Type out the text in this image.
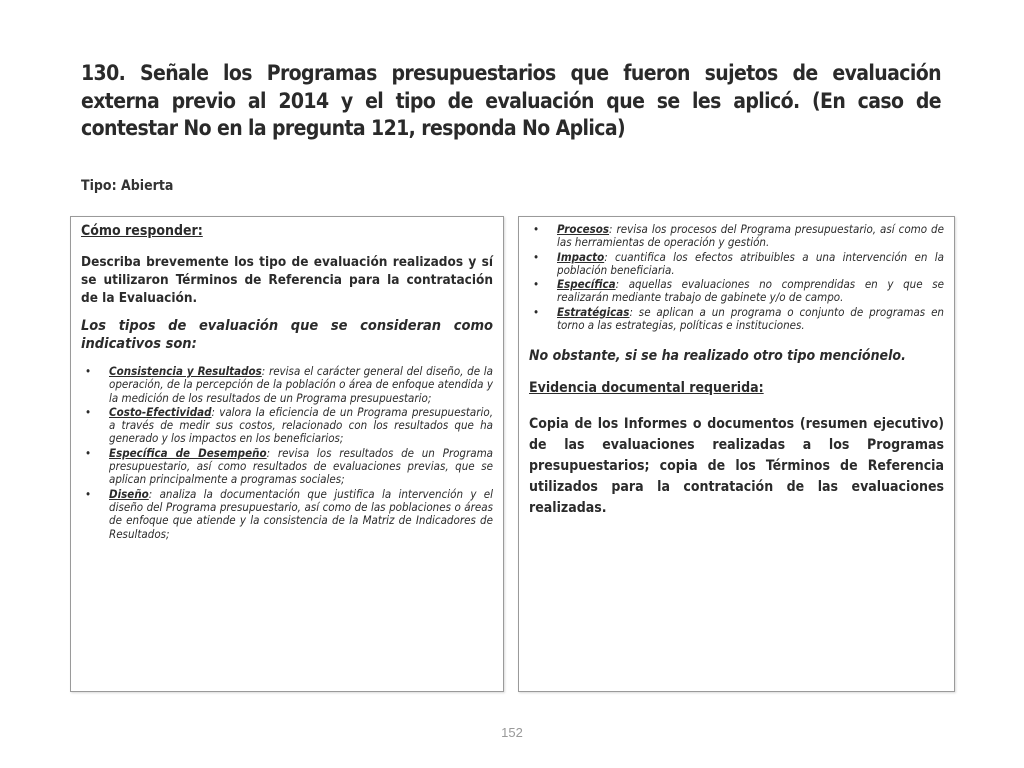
130. Señale los Programas presupuestarios que fueron sujetos de evaluación externa previo al 2014 y el tipo de evaluación que se les aplicó. (En caso de contestar No en la pregunta 121, responda No Aplica)

Tipo: Abierta

Cómo responder:

Describa brevemente los tipo de evaluación realizados y sí se utilizaron Términos de Referencia para la contratación de la Evaluación.

Los tipos de evaluación que se consideran como indicativos son:

• Consistencia y Resultados: revisa el carácter general del diseño, de la operación, de la percepción de la población o área de enfoque atendida y la medición de los resultados de un Programa presupuestario;
• Costo-Efectividad: valora la eficiencia de un Programa presupuestario, a través de medir sus costos, relacionado con los resultados que ha generado y los impactos en los beneficiarios;
• Específica de Desempeño: revisa los resultados de un Programa presupuestario, así como resultados de evaluaciones previas, que se aplican principalmente a programas sociales;
• Diseño: analiza la documentación que justifica la intervención y el diseño del Programa presupuestario, así como de las poblaciones o áreas de enfoque que atiende y la consistencia de la Matriz de Indicadores de Resultados;
• Procesos: revisa los procesos del Programa presupuestario, así como de las herramientas de operación y gestión.
• Impacto: cuantifica los efectos atribuibles a una intervención en la población beneficiaria.
• Específica: aquellas evaluaciones no comprendidas en y que se realizarán mediante trabajo de gabinete y/o de campo.
• Estratégicas: se aplican a un programa o conjunto de programas en torno a las estrategias, políticas e instituciones.

No obstante, si se ha realizado otro tipo menciónelo.

Evidencia documental requerida:

Copia de los Informes o documentos (resumen ejecutivo) de las evaluaciones realizadas a los Programas presupuestarios; copia de los Términos de Referencia utilizados para la contratación de las evaluaciones realizadas.

152
